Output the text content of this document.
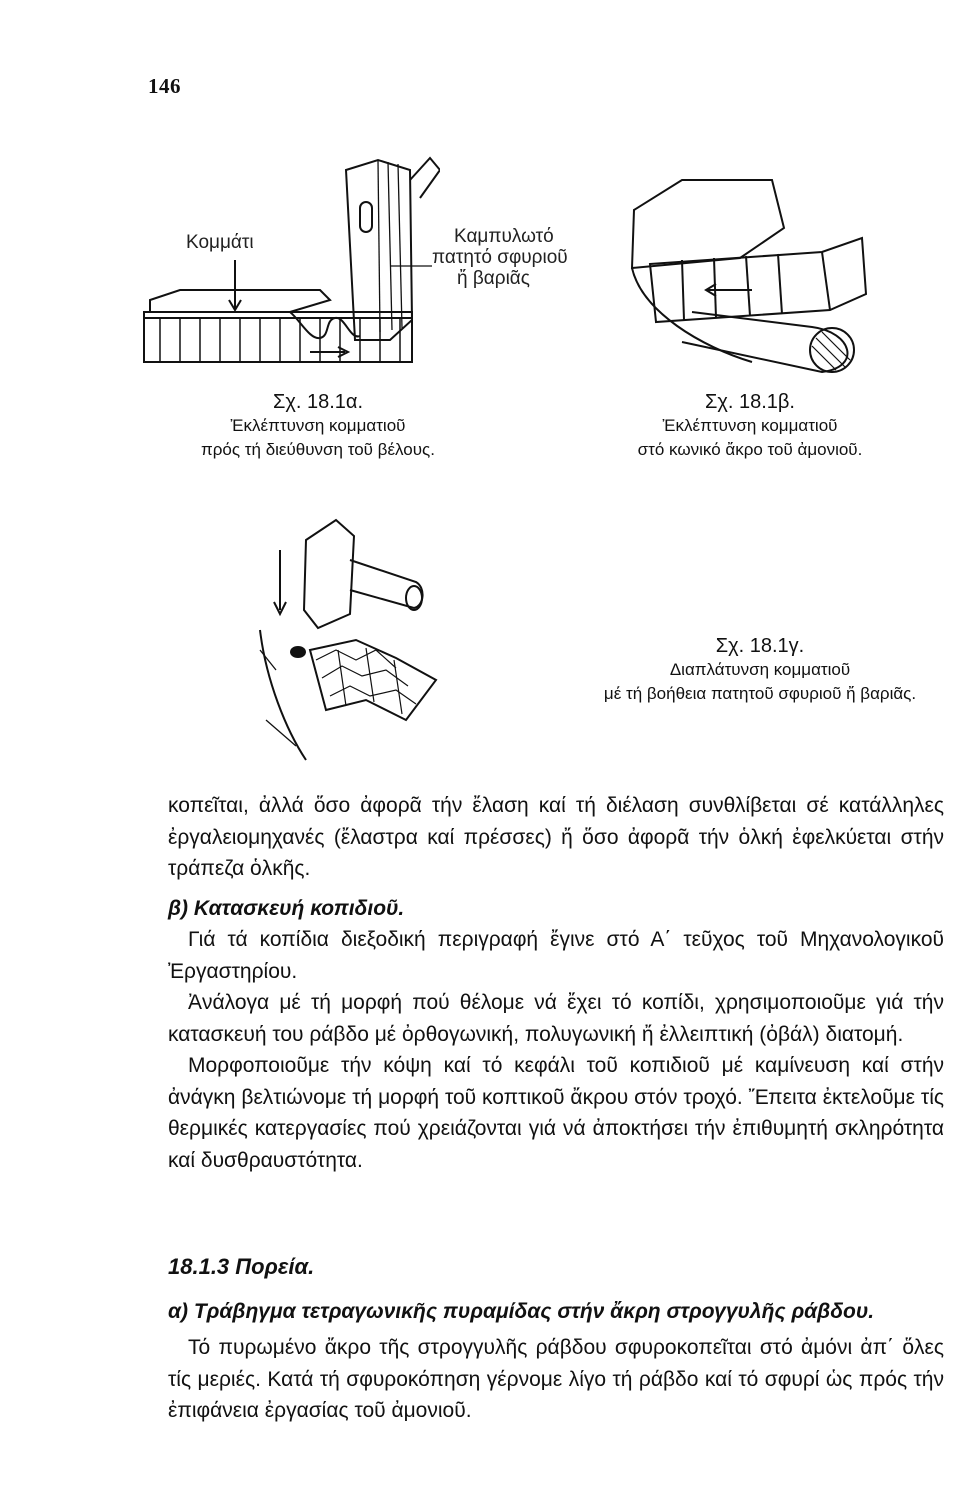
146
Κομμάτι	Καμπυλωτό
πατητό σφυριοῦ
ἤ βαριᾶς
Σχ. 18.1α.
Ἐκλέπτυνση κομματιοῦ
πρός τή διεύθυνση τοῦ βέλους.
Σχ. 18.1β.
Ἐκλέπτυνση κομματιοῦ
στό κωνικό ἄκρο τοῦ ἀμονιοῦ.
Σχ. 18.1γ.
Διαπλάτυνση κομματιοῦ
μέ τή βοήθεια πατητοῦ σφυριοῦ ἤ βαριᾶς.

κοπεῖται, ἀλλά ὅσο ἀφορᾶ τήν ἔλαση καί τή διέλαση συνθλίβεται σέ κατάλληλες ἐργαλειομηχανές (ἔλαστρα καί πρέσσες) ἤ ὅσο ἀφορᾶ τήν ὁλκή ἐφελκύεται στήν τράπεζα ὁλκῆς.

β) Κατασκευή κοπιδιοῦ.

Γιά τά κοπίδια διεξοδική περιγραφή ἔγινε στό Α΄ τεῦχος τοῦ Μηχανολογικοῦ Ἐργαστηρίου.

Ἀνάλογα μέ τή μορφή πού θέλομε νά ἔχει τό κοπίδι, χρησιμοποιοῦμε γιά τήν κατασκευή του ράβδο μέ ὀρθογωνική, πολυγωνική ἤ ἐλλειπτική (ὀβάλ) διατομή.

Μορφοποιοῦμε τήν κόψη καί τό κεφάλι τοῦ κοπιδιοῦ μέ καμίνευση καί στήν ἀνάγκη βελτιώνομε τή μορφή τοῦ κοπτικοῦ ἄκρου στόν τροχό. Ἔπειτα ἐκτελοῦμε τίς θερμικές κατεργασίες πού χρειάζονται γιά νά ἀποκτήσει τήν ἐπιθυμητή σκληρότητα καί δυσθραυστότητα.

18.1.3 Πορεία.
α) Τράβηγμα τετραγωνικῆς πυραμίδας στήν ἄκρη στρογγυλῆς ράβδου.

Τό πυρωμένο ἄκρο τῆς στρογγυλῆς ράβδου σφυροκοπεῖται στό ἀμόνι ἀπ΄ ὅλες τίς μεριές. Κατά τή σφυροκόπηση γέρνομε λίγο τή ράβδο καί τό σφυρί ὡς πρός τήν ἐπιφάνεια ἐργασίας τοῦ ἀμονιοῦ.
